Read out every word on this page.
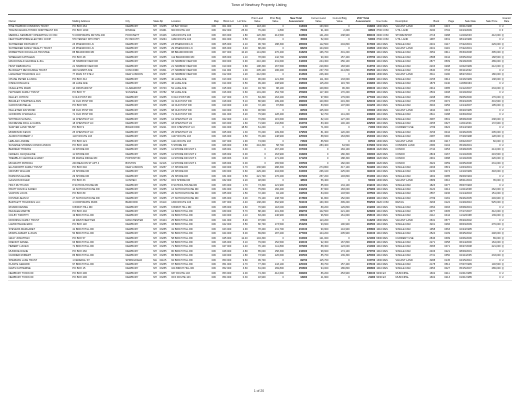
Town of Newbury Property Listing
Owner	Mailing Address	City	State	Zip	Location	Map	Block Lot	Lot Size	Prior Land Value	Prior Bldg Value	New Total Assessment	Current Land Value	Current Bldg Value	2017 Total Assessment	Use Code	Description	Book	Page	Sale Date	Sale Price	Grantor Rate
PINE HARBOR COMMONS TRUST	PO BOX 264	NEWBURY	NH	03255	18 BAY ROAD	006	001 000	1.30	118,400	0	118400	163,900	0	163900	1300 RES	VACANT LAND	2045	0415	06/01/1998	0	U
TRANSCANADA HYDRO NORTHEAST INC	PO BOX 1490	RINDGE	NH	03461	600 ROUTE 103	006	002 000	25.30	76,200	1,800	78000	91,400	2,200	93600	3700 COM	UTIL LAND	3190	0702	04/13/2009	0	F
MERRILL NEWBURY OPERATING CO INC	5 CORPORATE DR STE 400	HOOKSETT	NH	03106	1264 ROUTE 103	006	003 000	1.80	120,300	214,500	334800	141,200	238,900	380100	3400 COM	STORE/SHOP	2716	0288	11/20/2003	412,000	Q
NEW HAMPSHIRE ELECTRIC COOP	579 TENNEY MTN HWY	PLYMOUTH	NH	03264	1280 ROUTE 103	006	004 000	0.50	45,000	0	45000	52,000	0	52000	3700 COM	UTIL LAND	1987	0331	08/14/1996	0	U
SCHNEIDER RICHARD P	23 PINEWOOD LN	NEWBURY	NH	03255	23 PINEWOOD LN	006	005 000	2.10	96,700	188,300	285000	112,500	204,800	317300	1010 RES	SINGLE FAM	2401	0117	07/22/2001	229,000	Q
SCHNEIDER FAMILY REALTY TRUST	23 PINEWOOD LN	NEWBURY	NH	03255	29 PINEWOOD LN	006	006 000	3.40	88,200	0	88200	104,600	0	104600	1300 RES	VACANT LAND	2401	0119	07/22/2001	0	U
ROBERTSON DOUGLAS TRUSTEE	88 BRADFORD RD	NEWBURY	NH	03255	88 BRADFORD RD	006	007 000	10.20	141,800	276,400	418200	166,700	301,200	467900	1010 RES	SINGLE FAM	3052	0611	05/30/2008	395,000	Q
WHEELER KATHLEEN	PO BOX 48	NEWBURY	NH	03255	112 BRADFORD RD	006	008 000	1.10	78,600	142,700	221300	90,300	157,400	247700	1010 RES	SINGLE FAM	2588	0044	03/05/2002	168,500	Q
MACDONALD GEORGE & JILL	15 HARBOR VIEW DR	NEWBURY	NH	03255	15 HARBOR VIEW DR	006	009 000	0.90	210,400	231,600	442000	244,300	256,100	500400	1010 RES	SINGLE FAM	2877	0509	09/18/2006	489,000	Q
HUNT DEBORAH A	21 HARBOR VIEW DR	NEWBURY	NH	03255	21 HARBOR VIEW DR	006	010 000	0.80	198,300	167,500	365800	229,800	183,900	413700	1010 RES	SINGLE FAM	2203	0298	10/02/1999	212,000	Q
BLODGETT REVOCABLE TRUST	400 SUMMIT AVE	CONCORD	NH	03301	27 HARBOR VIEW DR	006	011 000	1.00	205,100	196,200	401300	237,700	214,800	452500	1010 RES	SINGLE FAM	2640	0733	06/11/2002	0	U
LAKEVIEW HOLDINGS LLC	77 MAIN ST STE 2	NEW LONDON	NH	03257	33 HARBOR VIEW DR	006	012 000	1.20	212,600	0	212600	246,400	0	246400	1300 RES	VACANT LAND	3311	0190	08/27/2010	180,000	Q
CHASE PETER & LINDA	PO BOX 312	NEWBURY	NH	03255	40 LAKE AVE	006	013 000	0.40	96,000	121,300	217300	111,300	133,600	244900	1010 RES	SINGLE FAM	2155	0612	04/16/1999	138,000	Q
FISKE DONALD E	46 LAKE AVE	NEWBURY	NH	03255	46 LAKE AVE	006	014 000	0.50	99,400	108,900	208300	115,200	119,700	234900	1010 RES	SINGLE FAM	1876	0140	11/08/1994	0	U
OUELLETTE MARK	14 ORCHARD ST	CLAREMONT	NH	03743	52 LAKE AVE	006	015 000	0.40	94,700	88,100	182800	109,800	96,300	206100	1010 RES	SINGLE FAM	2912	0385	01/12/2007	234,000	Q
HAYWARD FAMILY TRUST	PO BOX 77	SUNAPEE	NH	03782	58 LAKE AVE	006	016 000	0.60	101,200	154,700	255900	117,400	170,200	287600	1010 RES	SINGLE FAM	2502	0408	02/19/2002	0	U
KELLEY JOHN M	9 OLD POST RD	NEWBURY	NH	03255	9 OLD POST RD	006	017 000	4.70	84,300	163,200	247500	97,800	179,600	277400	1010 RES	SINGLE FAM	2298	0566	09/05/2000	176,000	Q
BRADLEY STEPHEN & ANN	31 OLD POST RD	NEWBURY	NH	03255	31 OLD POST RD	006	018 000	5.10	86,900	199,400	286300	100,800	219,300	320100	1010 RES	SINGLE FAM	2765	0072	05/23/2005	301,500	Q
CARON MICHELLE	PO BOX 505	NEWBURY	NH	03255	44 OLD POST RD	006	019 000	2.00	72,100	97,800	169900	83,600	107,600	191200	1010 RES	SINGLE FAM	3004	0256	12/14/2007	195,000	Q
PELLETIER RAYMOND	68 OLD POST RD	NEWBURY	NH	03255	68 OLD POST RD	006	020 000	6.30	90,500	0	90500	105,000	0	105000	1300 RES	VACANT LAND	1944	0415	06/20/1995	0	U
GOODWIN CHARLES A	71 OLD POST RD	NEWBURY	NH	03255	71 OLD POST RD	006	021 000	3.20	79,900	128,400	208300	92,700	141,200	233900	1010 RES	SINGLE FAM	2611	0188	04/30/2002	0	U
WHITMAN SUSAN L	12 CHESTNUT LN	NEWBURY	NH	03255	12 CHESTNUT LN	006	022 000	1.40	70,800	115,600	186400	82,100	127,200	209300	1010 RES	SINGLE FAM	3087	0501	08/08/2008	238,000	Q
DUFRESNE PAUL & CAROL	18 CHESTNUT LN	NEWBURY	NH	03255	18 CHESTNUT LN	006	023 000	1.60	71,900	132,800	204700	83,400	146,100	229500	1010 RES	SINGLE FAM	2455	0327	11/01/2001	172,900	Q
SAWYER LAND TRUST	PO BOX 9	BRADFORD	NH	03221	OFF CHESTNUT LN	006	024 000	18.50	61,200	0	61200	71,000	0	71000	6600 RES	CURRENT USE	1799	0622	03/14/1993	0	U
MORRISON KEVIN	25 CHESTNUT LN	NEWBURY	NH	03255	25 CHESTNUT LN	006	025 000	1.30	70,200	109,300	179500	81,400	120,200	201600	1010 RES	SINGLE FAM	3156	0044	02/26/2009	205,000	Q
ALDRICH ROBERT J	1107 ROUTE 103	NEWBURY	NH	03255	1107 ROUTE 103	006	026 000	2.50	76,400	148,900	225300	88,600	163,800	252400	1010 RES	SINGLE FAM	2087	0390	07/29/1998	128,000	Q
LEBLANC ANDRE	PO BOX 221	NEWBURY	NH	03255	1121 ROUTE 103	006	027 000	1.90	74,600	0	74600	86,500	0	86500	1300 RES	VACANT LAND	2933	0217	03/02/2007	60,000	Q
SUNAPEE SHORES CONDO ASSOC	PO BOX 1100	NEWBURY	NH	03255	5 SHORE DR	006	028 000	3.80	244,300	58,700	303000	283,400	64,500	347900	9030 RES	COMMON LAND	2380	0104	05/18/2001	0	U
BERNIER THOMAS	11 SHORE DR	NEWBURY	NH	03255	11 SHORE DR UNIT 1	006	028 001	0.00	0	167,400	167400	0	184,100	184100	1020 RES	CONDO	2744	0453	03/28/2005	214,000	Q
NADEAU JACQUELINE	11 SHORE DR	NEWBURY	NH	03255	11 SHORE DR UNIT 2	006	028 002	0.00	0	163,900	163900	0	180,300	180300	1020 RES	CONDO	2819	0167	01/10/2006	219,500	Q
TREMBLAY GEORGE & MARY	86 MAPLE RIDGE RD	HOPKINTON	NH	03229	11 SHORE DR UNIT 3	006	028 003	0.00	0	171,200	171200	0	188,300	188300	1020 RES	CONDO	2901	0388	10/19/2006	226,000	Q
MCGRATH PATRICIA	200 BEACON ST APT 4	BOSTON	MA	02116	11 SHORE DR UNIT 4	006	028 004	0.00	0	165,500	165500	0	182,000	182000	1020 RES	CONDO	3022	0059	02/05/2008	231,000	Q
ELLSWORTH FAMILY TRUST	PO BOX 640	NEW LONDON	NH	03257	17 SHORE DR	006	029 000	0.70	236,900	288,300	525200	274,800	317,100	591900	1010 RES	SINGLE FAM	2466	0519	12/03/2001	0	U
CROSBY WILLIAM	23 SHORE DR	NEWBURY	NH	03255	23 SHORE DR	006	030 000	0.60	229,400	204,600	434000	266,100	225,000	491100	1010 RES	SINGLE FAM	2230	0274	12/10/1999	318,000	Q
PARSONS ELAINE	29 SHORE DR	NEWBURY	NH	03255	29 SHORE DR	006	031 000	0.50	221,700	176,200	397900	257,200	193,800	451000	1010 RES	SINGLE FAM	1902	0085	09/09/1994	0	U
GAGNON ROGER	PO BOX 33	GOSHEN	NH	03752	OFF SHORE DR	006	032 000	2.20	48,600	0	48600	56,400	0	56400	1300 RES	VACANT LAND	2689	0310	08/01/2004	35,000	Q
HOLT RUTH ANN	8 SCHOOLHOUSE RD	NEWBURY	NH	03255	8 SCHOOLHOUSE RD	006	033 000	1.70	73,300	121,900	195200	85,000	134,100	219100	1010 RES	SINGLE FAM	1823	0477	05/07/1993	0	U
PRATT DAVID & KAREN	14 SCHOOLHOUSE RD	NEWBURY	NH	03255	14 SCHOOLHOUSE RD	006	034 000	2.30	75,800	166,400	242200	87,900	183,000	270900	1010 RES	SINGLE FAM	3120	0412	11/21/2008	262,000	Q
VACHON LOUIS	PO BOX 89	NEWBURY	NH	03255	20 SCHOOLHOUSE RD	006	035 000	1.50	72,400	94,100	166500	84,000	103,500	187500	1010 RES	SINGLE FAM	2567	0236	01/14/2003	151,000	Q
FOSTER JEAN M	27 SCHOOLHOUSE RD	NEWBURY	NH	03255	27 SCHOOLHOUSE RD	006	036 000	3.00	79,100	138,700	217800	91,800	152,600	244400	1010 RES	SINGLE FAM	2799	0181	09/26/2005	249,900	Q
BARTLETT HOLDINGS LLC	1 CORPORATE PARK	BEDFORD	NH	03110	1300 ROUTE 103	006	037 000	4.40	138,200	362,900	501100	160,300	399,200	559500	3220 COM	RETAIL	3266	0122	01/29/2010	525,000	Q
RIVARD DENISE	6 BIRCH HILL RD	NEWBURY	NH	03255	6 BIRCH HILL RD	006	038 000	2.60	76,900	118,000	194900	89,200	129,800	219000	1010 RES	SINGLE FAM	2354	0093	03/08/2001	0	U
PEASLEE MARTIN	PO BOX 402	NEWBURY	NH	03255	12 BIRCH HILL RD	006	039 000	5.70	88,400	201,300	289700	102,500	221,400	323900	1010 RES	SINGLE FAM	2977	0305	07/17/2007	312,000	Q
COLBY TIMOTHY	19 BIRCH HILL RD	NEWBURY	NH	03255	19 BIRCH HILL RD	006	040 000	4.10	83,200	146,900	230100	96,500	161,600	258100	1010 RES	SINGLE FAM	2112	0444	11/12/1998	139,000	Q
DOWNING FAMILY TRUST	44 WESTVIEW TER	MANCHESTER	NH	03104	25 BIRCH HILL RD	006	041 000	8.20	97,600	0	97600	113,200	0	113200	1300 RES	VACANT LAND	2631	0577	05/20/2002	0	U
LAMONTAGNE ERIC	PO BOX 118	NEWBURY	NH	03255	33 BIRCH HILL RD	006	042 000	3.50	80,700	173,500	254200	93,600	190,900	284500	1010 RES	SINGLE FAM	3201	0266	06/03/2009	276,000	Q
STEVENS MARGARET	41 BIRCH HILL RD	NEWBURY	NH	03255	41 BIRCH HILL RD	006	043 000	2.90	78,400	131,700	210100	90,900	144,900	235800	1010 RES	SINGLE FAM	1958	0363	10/24/1995	0	U
MORIN ALBERT & JOAN	50 BIRCH HILL RD	NEWBURY	NH	03255	50 BIRCH HILL RD	006	044 000	6.00	89,800	187,200	277000	104,200	205,900	310100	1010 RES	SINGLE FAM	2524	0109	06/25/2002	248,000	Q
GRAY JONATHAN	PO BOX 57	NEWBURY	NH	03255	58 BIRCH HILL RD	006	045 000	12.40	104,300	0	104300	121,000	0	121000	6600 RES	CURRENT USE	2846	0399	04/06/2006	89,000	Q
FRENCH DANIEL	63 BIRCH HILL RD	NEWBURY	NH	03255	63 BIRCH HILL RD	006	046 000	3.10	79,600	152,500	232100	92,300	167,800	260100	1010 RES	SINGLE FAM	2271	0058	06/14/2000	164,000	Q
HEBERT LUCIEN	71 BIRCH HILL RD	NEWBURY	NH	03255	71 BIRCH HILL RD	006	047 000	2.40	76,100	111,800	187900	88,300	123,000	211300	1010 RES	SINGLE FAM	3065	0471	06/27/2008	221,000	Q
MUNROE DIANE	PO BOX 260	NEWBURY	NH	03255	80 BIRCH HILL RD	006	048 000	4.80	85,000	158,300	243300	98,600	174,100	272700	1010 RES	SINGLE FAM	2406	0221	08/09/2001	0	U
CURRIER ROBERT	86 BIRCH HILL RD	NEWBURY	NH	03255	86 BIRCH HILL RD	006	049 000	1.80	73,900	126,600	200500	85,700	139,300	225000	1010 RES	SINGLE FAM	2731	0350	02/11/2005	233,000	Q
SHERMAN LAKE TRUST	1 FEDERAL ST	SPRINGFIELD	MA	01105	92 BIRCH HILL RD	006	050 000	9.60	99,700	0	99700	115,700	0	115700	1300 RES	VACANT LAND	3288	0145	04/15/2010	0	U
PLANTE GERARD	97 BIRCH HILL RD	NEWBURY	NH	03255	97 BIRCH HILL RD	006	051 000	2.70	77,300	143,100	220400	89,700	157,400	247100	1010 RES	SINGLE FAM	2178	0512	07/07/1999	146,500	Q
DAVIS KATHERINE	PO BOX 15	NEWBURY	NH	03255	104 BIRCH HILL RD	006	052 000	3.60	81,000	169,800	250800	94,000	186,800	280800	1010 RES	SINGLE FAM	2953	0027	05/15/2007	289,000	Q
NEWBURY TOWN OF	PO BOX 296	NEWBURY	NH	03255	937 ROUTE 103	006	053 000	2.00	74,300	412,600	486900	86,200	453,900	540100	9030 EX	MUNICIPAL	1602	0211	01/01/1985	0	U
NEWBURY TOWN OF	PO BOX 296	NEWBURY	NH	03255	OFF ROUTE 103	006	054 000	0.30	18,900	0	18900	21,900	0	21900	9030 EX	MUNICIPAL	1602	0213	01/01/1985	0	U
1 of 20
